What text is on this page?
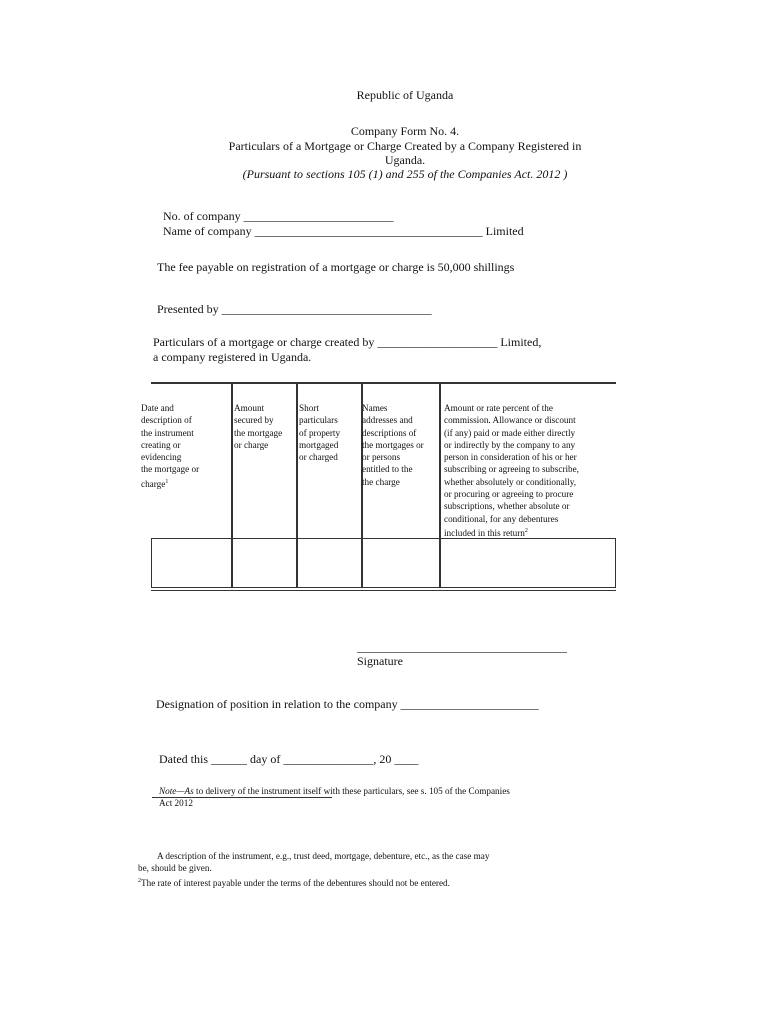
Republic of Uganda
Company Form No. 4.
Particulars of a Mortgage or Charge Created by a Company Registered in
Uganda.
(Pursuant to sections 105 (1) and 255 of the Companies Act. 2012 )
No. of company _________________________
Name of company ______________________________________ Limited
The fee payable on registration of a mortgage or charge is 50,000 shillings
Presented by ___________________________________
Particulars of a mortgage or charge created by ____________________ Limited,
a company registered in Uganda.
Date and
description of
the instrument
creating or
evidencing
the mortgage or
charge$^1$
Amount
secured by
the mortgage
or charge
Short
particulars
of property
mortgaged
or charged
Names
addresses and
descriptions of
the mortgages or
or persons
entitled to the
the charge
Amount or rate percent of the
commission. Allowance or discount
(if any) paid or made either directly
or indirectly by the company to any
person in consideration of his or her
subscribing or agreeing to subscribe,
whether absolutely or conditionally,
or procuring or agreeing to procure
subscriptions, whether absolute or
conditional, for any debentures
included in this return$^2$
___________________________________
Signature
Designation of position in relation to the company _______________________
Dated this ______ day of _______________, 20 ____
Note—As to delivery of the instrument itself with these particulars, see s. 105 of the Companies
Act 2012
A description of the instrument, e.g., trust deed, mortgage, debenture, etc., as the case may
be, should be given.
$^2$The rate of interest payable under the terms of the debentures should not be entered.
